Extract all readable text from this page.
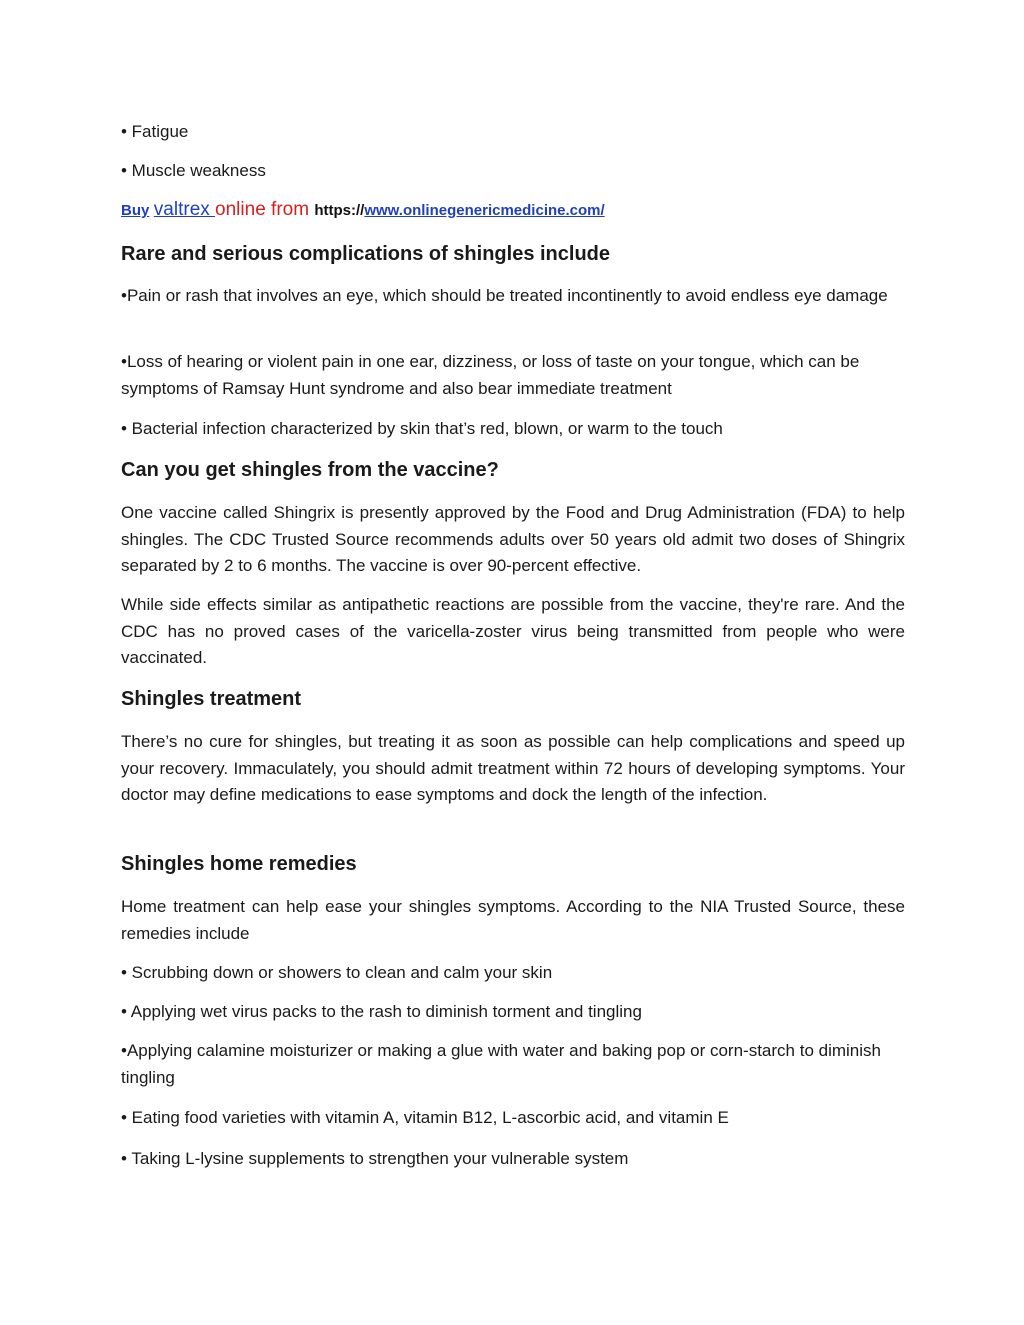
• Fatigue
• Muscle weakness
Buy valtrex online from https://www.onlinegenericmedicine.com/
Rare and serious complications of shingles include
•Pain or rash that involves an eye, which should be treated incontinently to avoid endless eye damage
•Loss of hearing or violent pain in one ear, dizziness, or loss of taste on your tongue, which can be symptoms of Ramsay Hunt syndrome and also bear immediate treatment
• Bacterial infection characterized by skin that’s red, blown, or warm to the touch
Can you get shingles from the vaccine?
One vaccine called Shingrix is presently approved by the Food and Drug Administration (FDA) to help shingles. The CDC Trusted Source recommends adults over 50 years old admit two doses of Shingrix separated by 2 to 6 months. The vaccine is over 90-percent effective.
While side effects similar as antipathetic reactions are possible from the vaccine, they're rare. And the CDC has no proved cases of the varicella-zoster virus being transmitted from people who were vaccinated.
Shingles treatment
There’s no cure for shingles, but treating it as soon as possible can help complications and speed up your recovery. Immaculately, you should admit treatment within 72 hours of developing symptoms. Your doctor may define medications to ease symptoms and dock the length of the infection.
Shingles home remedies
Home treatment can help ease your shingles symptoms. According to the NIA Trusted Source, these remedies include
• Scrubbing down or showers to clean and calm your skin
• Applying wet virus packs to the rash to diminish torment and tingling
•Applying calamine moisturizer or making a glue with water and baking pop or corn-starch to diminish tingling
• Eating food varieties with vitamin A, vitamin B12, L-ascorbic acid, and vitamin E
• Taking L-lysine supplements to strengthen your vulnerable system
